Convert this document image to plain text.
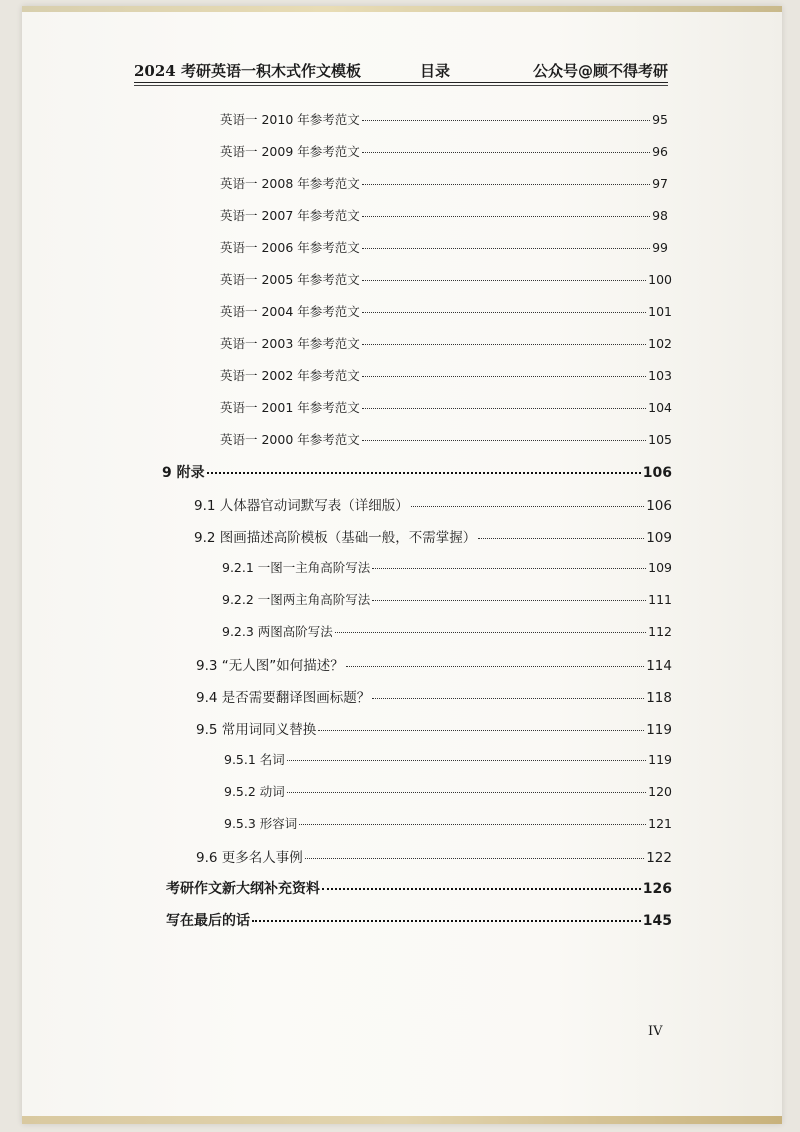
2024 考研英语一积木式作文模板	目录	公众号@顾不得考研
英语一 2010 年参考范文	95
英语一 2009 年参考范文	96
英语一 2008 年参考范文	97
英语一 2007 年参考范文	98
英语一 2006 年参考范文	99
英语一 2005 年参考范文	100
英语一 2004 年参考范文	101
英语一 2003 年参考范文	102
英语一 2002 年参考范文	103
英语一 2001 年参考范文	104
英语一 2000 年参考范文	105
9 附录	106
9.1 人体器官动词默写表（详细版）	106
9.2 图画描述高阶模板（基础一般，不需掌握）	109
9.2.1 一图一主角高阶写法	109
9.2.2 一图两主角高阶写法	111
9.2.3 两图高阶写法	112
9.3 “无人图”如何描述？	114
9.4 是否需要翻译图画标题？	118
9.5 常用词同义替换	119
9.5.1 名词	119
9.5.2 动词	120
9.5.3 形容词	121
9.6 更多名人事例	122
考研作文新大纲补充资料	126
写在最后的话	145
IV
